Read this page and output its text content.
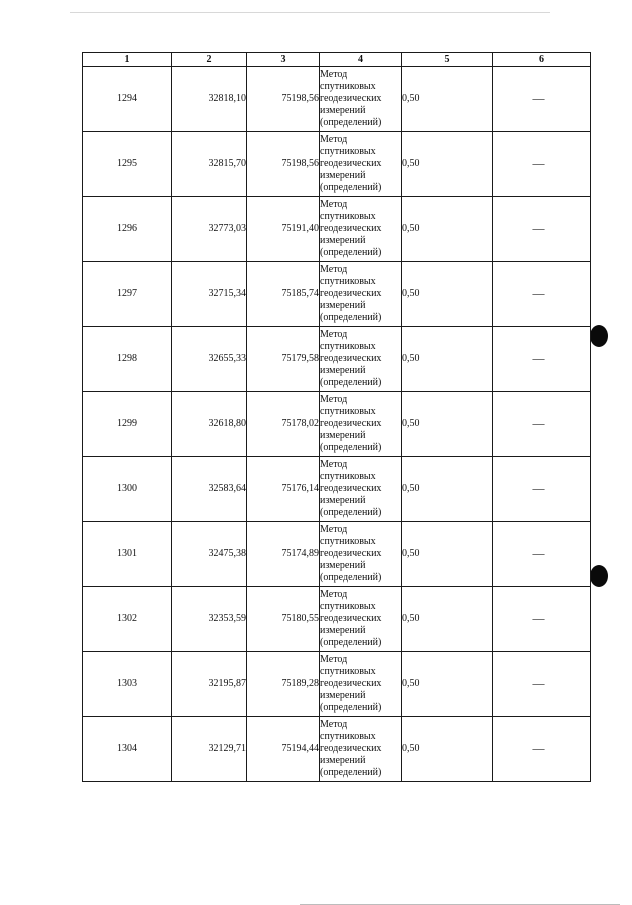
1	2	3	4	5	6
1294	32818,10	75198,56	Метод
спутниковых
геодезических
измерений
(определений)	0,50	—
1295	32815,70	75198,56	Метод
спутниковых
геодезических
измерений
(определений)	0,50	—
1296	32773,03	75191,40	Метод
спутниковых
геодезических
измерений
(определений)	0,50	—
1297	32715,34	75185,74	Метод
спутниковых
геодезических
измерений
(определений)	0,50	—
1298	32655,33	75179,58	Метод
спутниковых
геодезических
измерений
(определений)	0,50	—
1299	32618,80	75178,02	Метод
спутниковых
геодезических
измерений
(определений)	0,50	—
1300	32583,64	75176,14	Метод
спутниковых
геодезических
измерений
(определений)	0,50	—
1301	32475,38	75174,89	Метод
спутниковых
геодезических
измерений
(определений)	0,50	—
1302	32353,59	75180,55	Метод
спутниковых
геодезических
измерений
(определений)	0,50	—
1303	32195,87	75189,28	Метод
спутниковых
геодезических
измерений
(определений)	0,50	—
1304	32129,71	75194,44	Метод
спутниковых
геодезических
измерений
(определений)	0,50	—
